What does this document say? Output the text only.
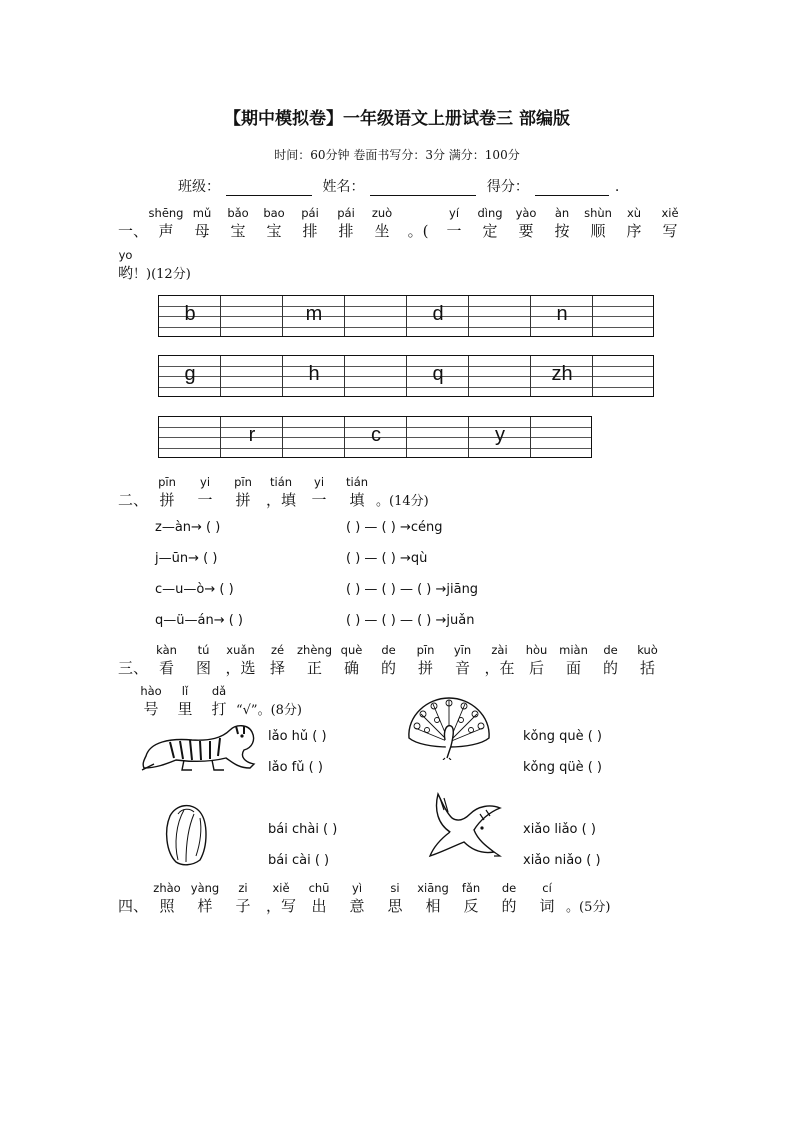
【期中模拟卷】一年级语文上册试卷三 部编版
时间：60分钟 卷面书写分：3分 满分：100分
班级：	姓名：	得分：	.
一、
shēng
声
mǔ
母
bǎo
宝
bao
宝
pái
排
pái
排
zuò
坐 。(
yí
一
dìng
定
yào
要
àn
按
shùn
顺
xù
序
xiě
写
yo
哟！)(12分)
b	m	d	n
g	h	q	zh
r	c	y
二、
pīn
拼
yi
一
pīn
拼
tián
，填
yi
一
tián
填 。(14分)
z—àn→ ( )	( ) — ( ) →céng
j—ūn→ ( )	( ) — ( ) →qù
c—u—ò→ ( )	( ) — ( ) — ( ) →jiāng
q—ü—án→ ( )	( ) — ( ) — ( ) →juǎn
三、
kàn
看
tú
图
xuǎn
，选
zé
择
zhèng
正
què
确
de
的
pīn
拼
yīn
音
zài
，在
hòu
后
miàn
面
de
的
kuò
括
hào
号
lǐ
里
dǎ
打 “√”。(8分)
lǎo hǔ ( )
lǎo fǔ ( )
kǒng què ( )
kǒng qüè ( )
bái chài ( )
bái cài ( )
xiǎo liǎo ( )
xiǎo niǎo ( )
四、
zhào
照
yàng
样
zi
子
xiě
，写
chū
出
yì
意
si
思
xiāng
相
fǎn
反
de
的
cí
词 。(5分)
